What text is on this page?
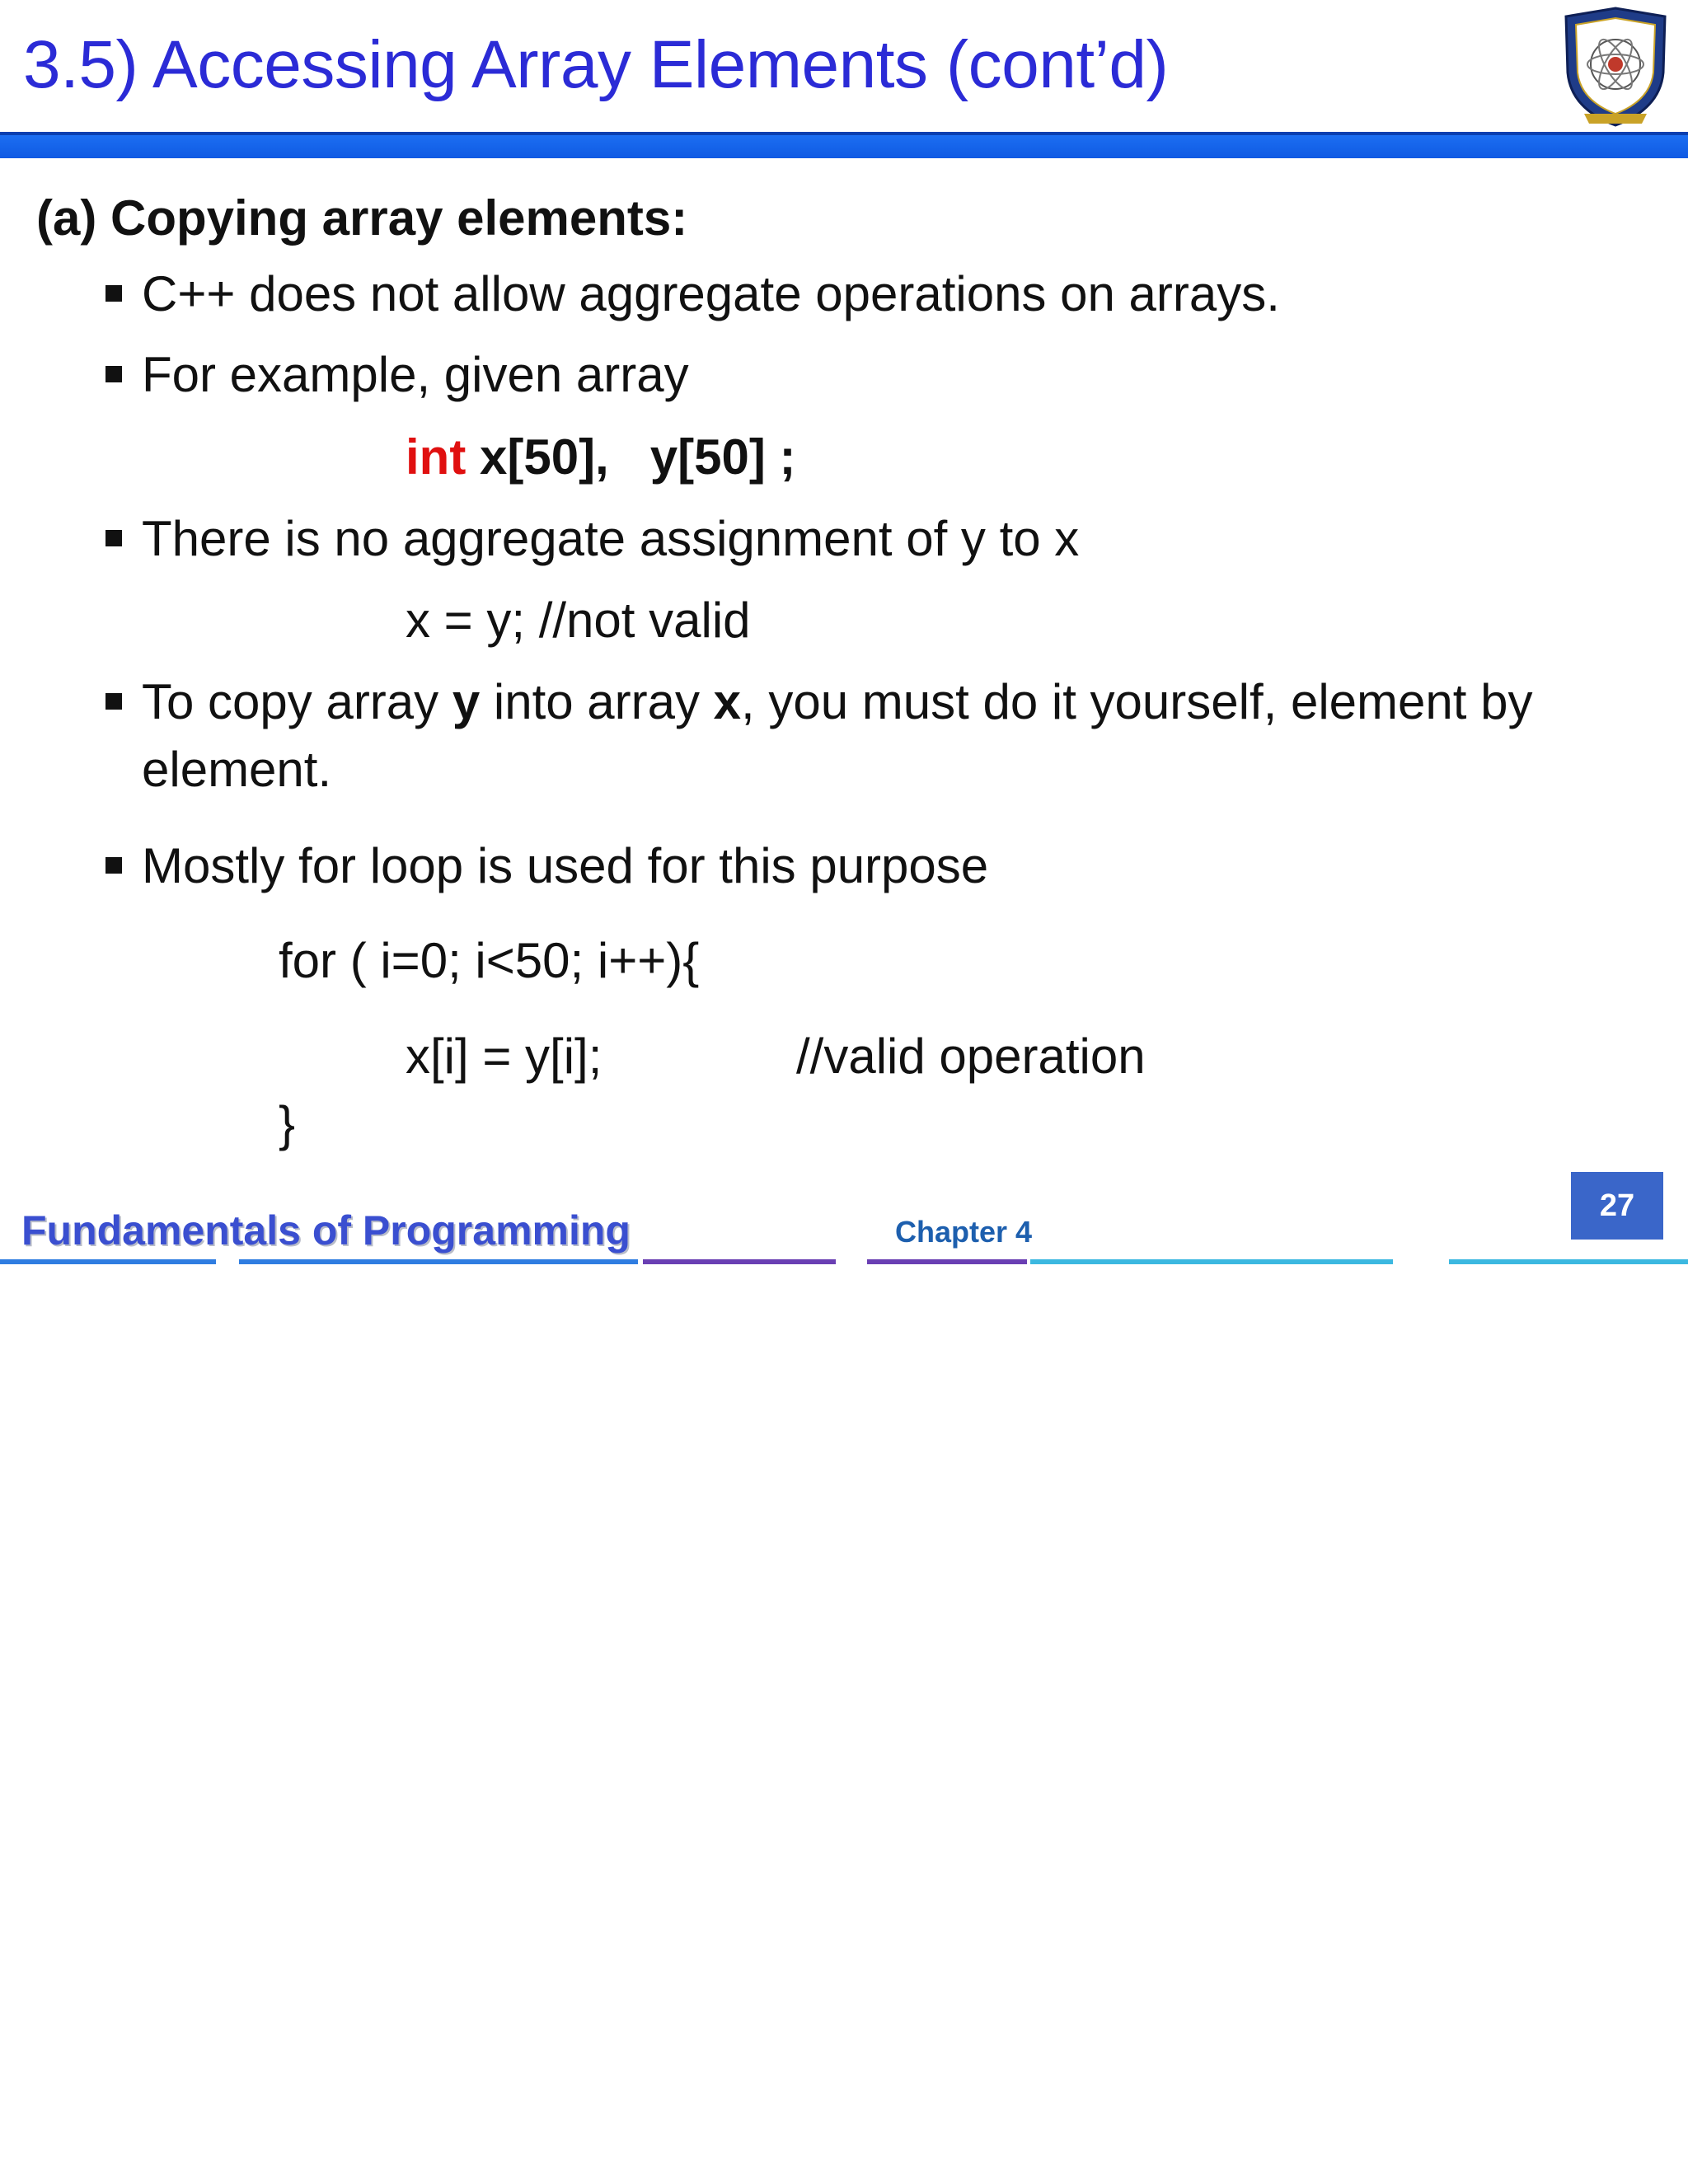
3.5) Accessing Array Elements (cont’d)
(a) Copying array elements:
C++ does not allow aggregate operations on arrays.
For example, given array
int x[50],   y[50] ;
There is no aggregate assignment of y to x
x = y; //not valid
To copy array y into array x, you must do it yourself, element by
element.
Mostly for loop is used for this purpose
for ( i=0; i<50; i++){
x[i] = y[i];	//valid operation
}
Fundamentals of Programming	Chapter 4
27
